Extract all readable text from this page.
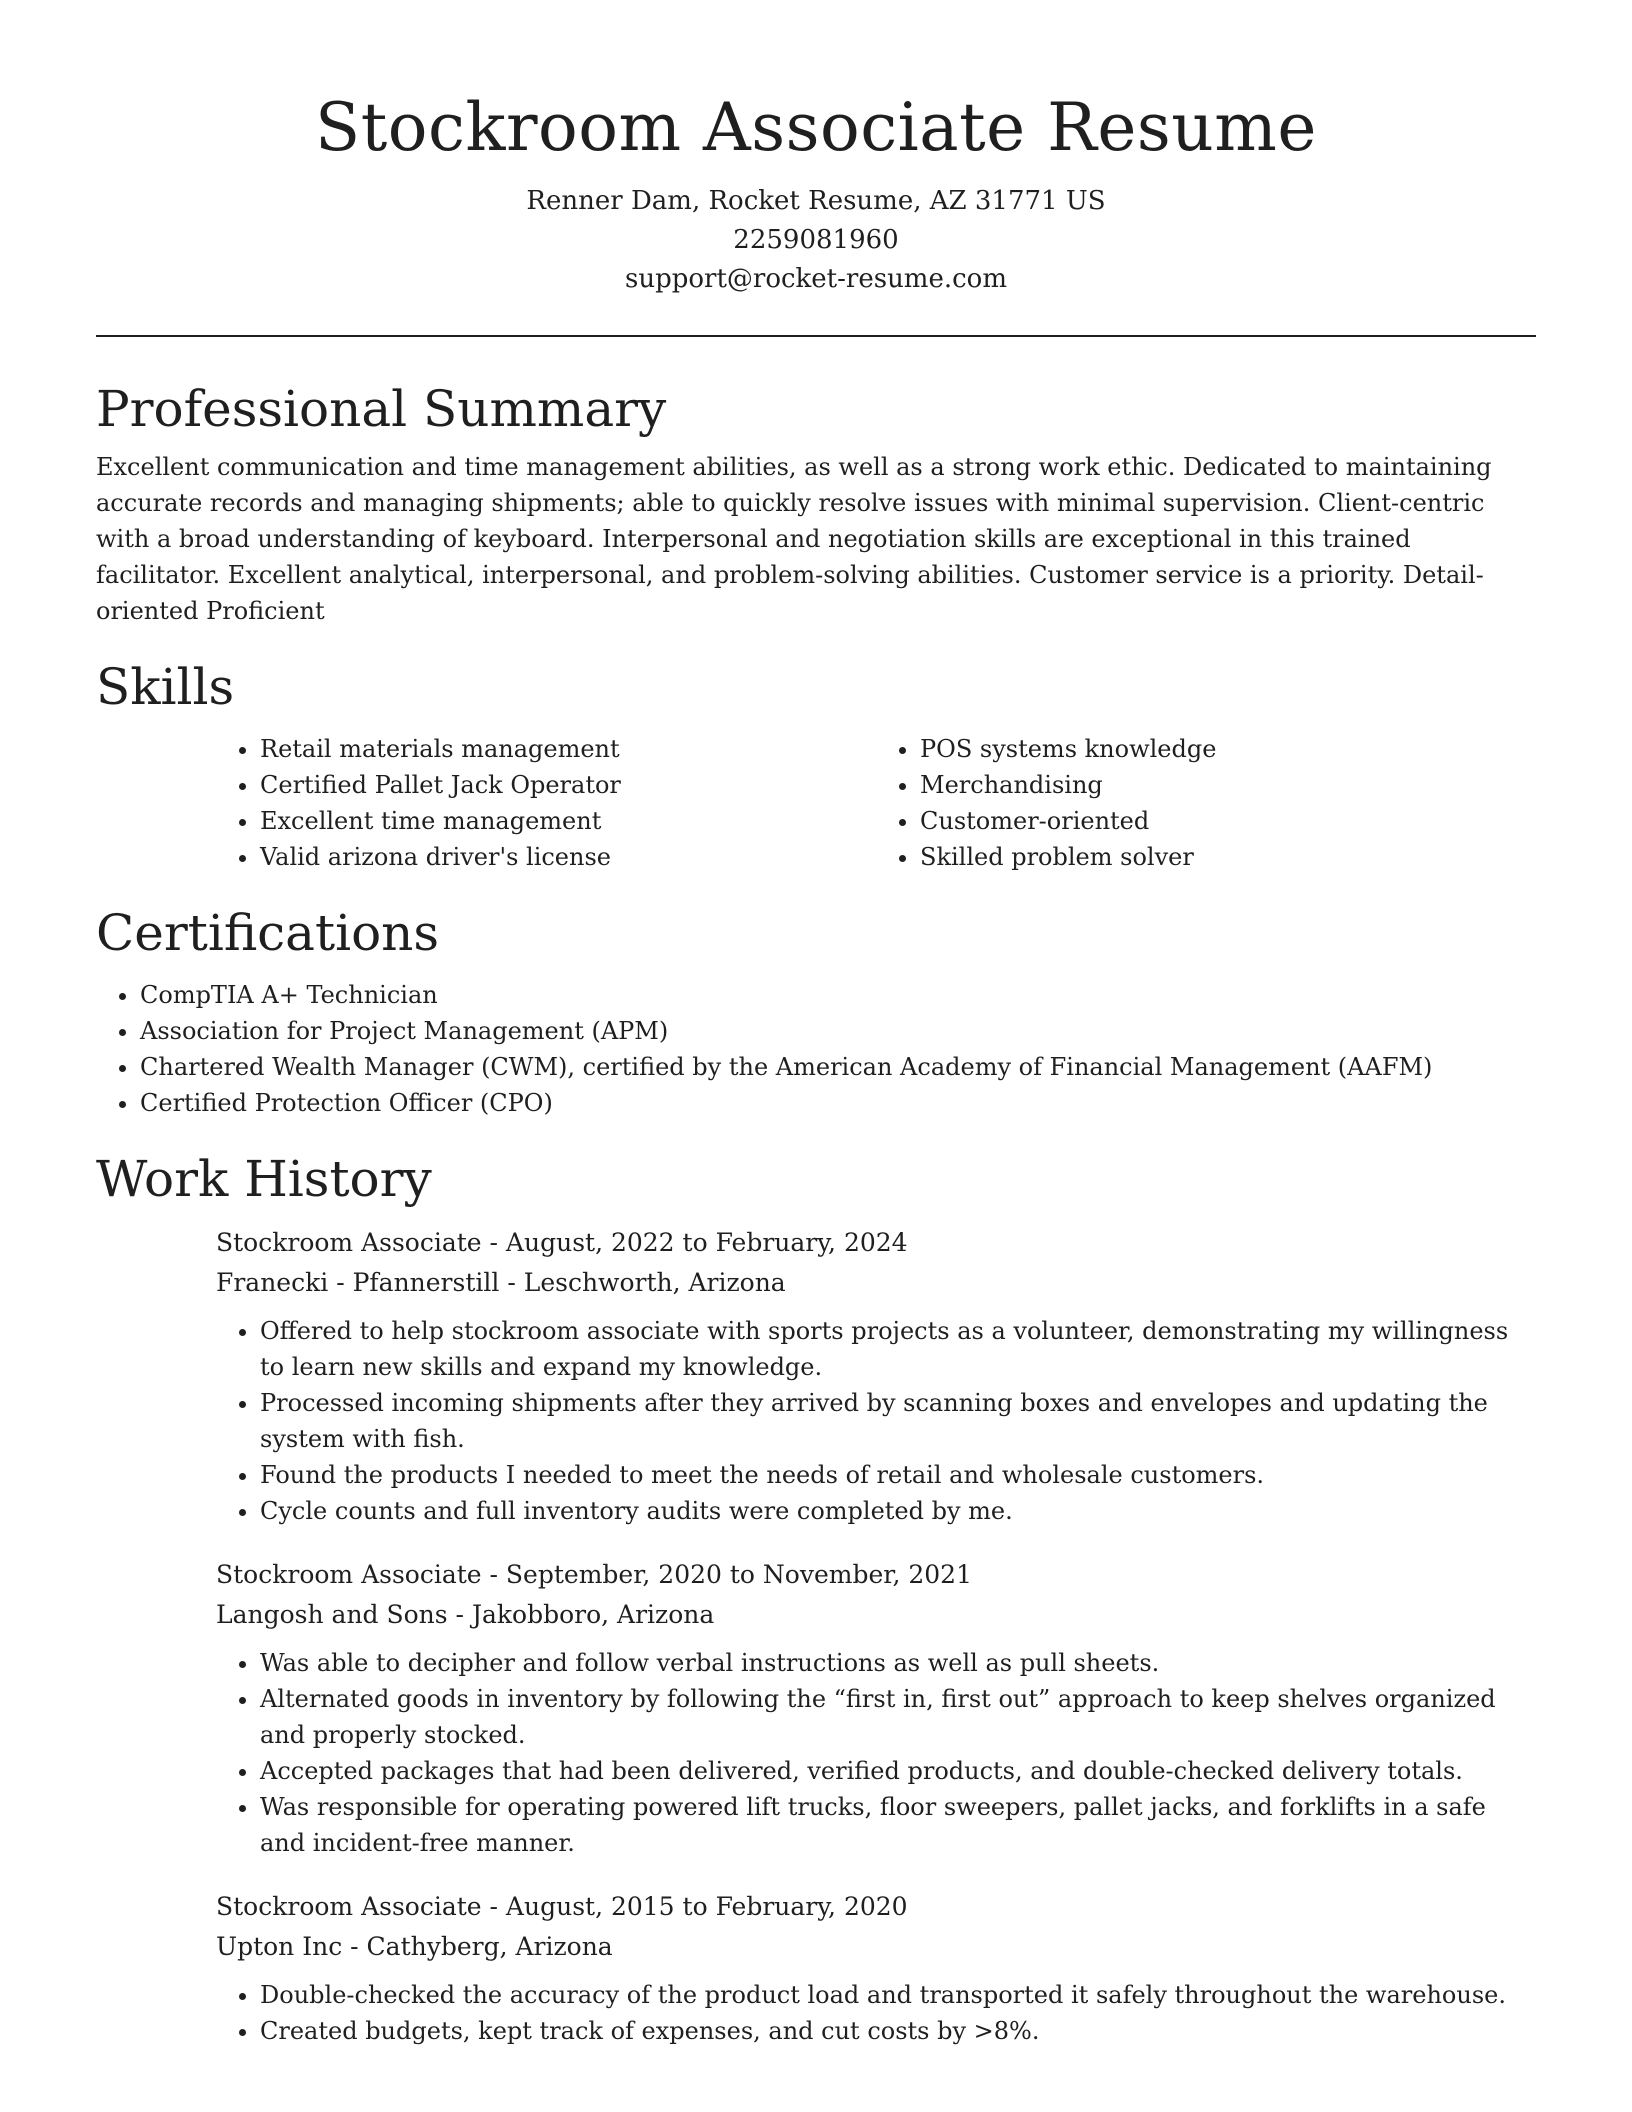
Stockroom Associate Resume

Renner Dam, Rocket Resume, AZ 31771 US

2259081960

support@rocket-resume.com

Professional Summary

Excellent communication and time management abilities, as well as a strong work ethic. Dedicated to maintaining accurate records and managing shipments; able to quickly resolve issues with minimal supervision. Client-centric with a broad understanding of keyboard. Interpersonal and negotiation skills are exceptional in this trained facilitator. Excellent analytical, interpersonal, and problem-solving abilities. Customer service is a priority. Detail-oriented Proficient

Skills
• Retail materials management
• Certified Pallet Jack Operator
• Excellent time management
• Valid arizona driver's license
• POS systems knowledge
• Merchandising
• Customer-oriented
• Skilled problem solver
Certifications
• CompTIA A+ Technician
• Association for Project Management (APM)
• Chartered Wealth Manager (CWM), certified by the American Academy of Financial Management (AAFM)
• Certified Protection Officer (CPO)
Work History

Stockroom Associate - August, 2022 to February, 2024

Franecki - Pfannerstill - Leschworth, Arizona

• Offered to help stockroom associate with sports projects as a volunteer, demonstrating my willingness to learn new skills and expand my knowledge.
• Processed incoming shipments after they arrived by scanning boxes and envelopes and updating the system with fish.
• Found the products I needed to meet the needs of retail and wholesale customers.
• Cycle counts and full inventory audits were completed by me.

Stockroom Associate - September, 2020 to November, 2021

Langosh and Sons - Jakobboro, Arizona

• Was able to decipher and follow verbal instructions as well as pull sheets.
• Alternated goods in inventory by following the “first in, first out” approach to keep shelves organized and properly stocked.
• Accepted packages that had been delivered, verified products, and double-checked delivery totals.
• Was responsible for operating powered lift trucks, floor sweepers, pallet jacks, and forklifts in a safe and incident-free manner.

Stockroom Associate - August, 2015 to February, 2020

Upton Inc - Cathyberg, Arizona

• Double-checked the accuracy of the product load and transported it safely throughout the warehouse.
• Created budgets, kept track of expenses, and cut costs by >8%.
